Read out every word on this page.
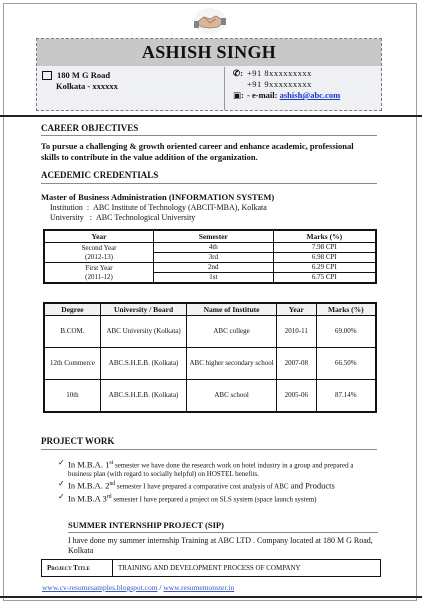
ASHISH SINGH
180 M G Road
Kolkata - xxxxxx
✆: +91 8xxxxxxxxx
+91 9xxxxxxxxx
▣: - e-mail: ashish@abc.com
CAREER OBJECTIVES
To pursue a challenging & growth oriented career and enhance academic, professional skills to contribute in the value addition of the organization.
ACEDEMIC CREDENTIALS
Master of Business Administration (INFORMATION SYSTEM)
Institution  :  ABC Institute of Technology (ABCIT-MBA), Kolkata
University   :  ABC Technological University
Year	Semester	Marks (%)

Second Year
(2012-13)	4th	7.98 CPI
	3rd	6.98 CPI

First Year
(2011-12)	2nd	6.29 CPI
	1st	6.75 CPI
Degree	University / Board	Name of Institute	Year	Marks (%)
B.COM.	ABC University (Kolkata)	ABC college	2010-11	69.00%
12th Commerce	ABC.S.H.E.B. (Kolkata)	ABC higher secondary school	2007-08	66.50%
10th	ABC.S.H.E.B. (Kolkata)	ABC school	2005-06	87.14%
PROJECT WORK
✓ In M.B.A. 1st semester we have done the research work on hotel industry in a group and prepared a business plan (with regard to socially helpful) on HOSTEL benefits.
✓ In M.B.A. 2nd semester I have prepared a comparative cost analysis of ABC and Products
✓ In M.B.A 3rd semester I have prepared a project on SLS system (space launch system)
SUMMER INTERNSHIP PROJECT (SIP)
I have done my summer internship Training at ABC LTD . Company located at 180 M G Road, Kolkata
Project Title	TRAINING AND DEVELOPMENT PROCESS OF COMPANY
www.cv-resumesamples.blogspot.com / www.resumemonster.in
